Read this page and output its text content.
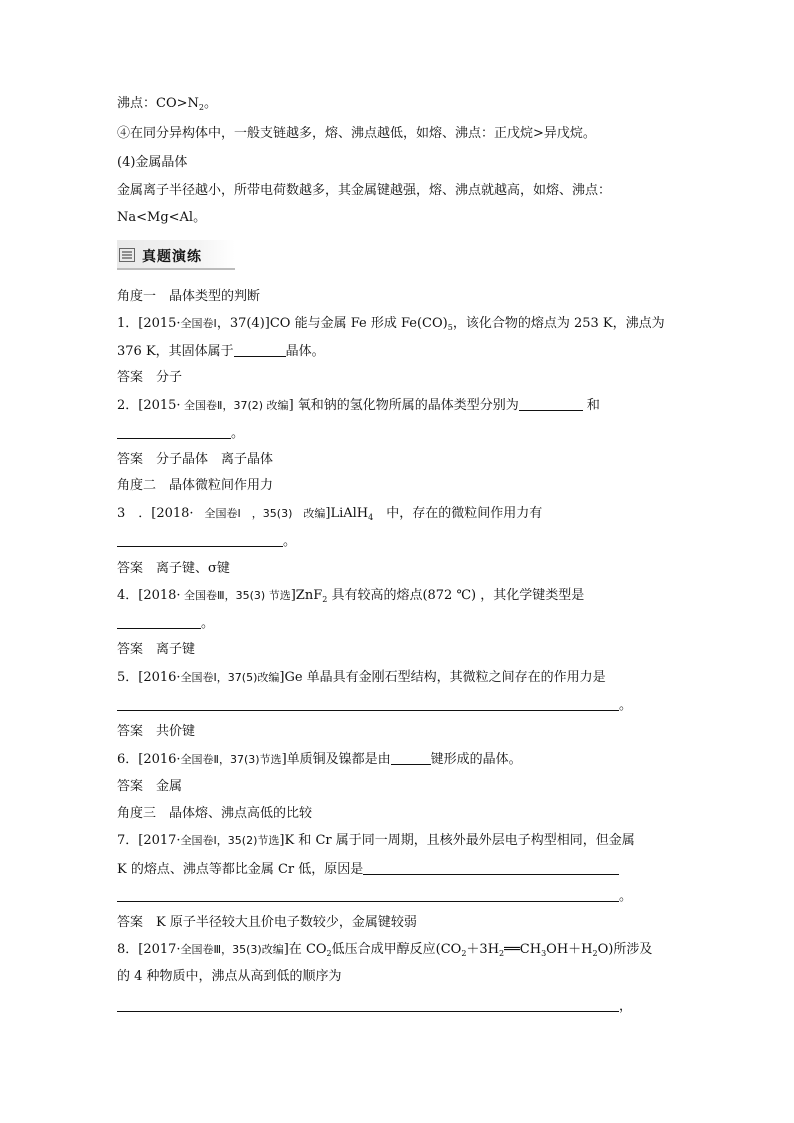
沸点：$CO>N_2$。
④在同分异构体中，一般支链越多，熔、沸点越低，如熔、沸点：正戊烷>异戊烷。
(4)金属晶体
金属离子半径越小，所带电荷数越多，其金属键越强，熔、沸点就越高，如熔、沸点：
Na<Mg<Al。
真题演练
角度一　晶体类型的判断
1．[2015·全国卷Ⅰ，37(4)]CO 能与金属 Fe 形成 $Fe(CO)_5$，该化合物的熔点为 253 K，沸点为
376 K，其固体属于	晶体。
答案　分子
2．[2015· 全国卷Ⅱ，37(2) 改编] 氧和钠的氢化物所属的晶体类型分别为	和
。
答案　分子晶体　离子晶体
角度二　晶体微粒间作用力
3　．[2018·　全国卷Ⅰ　，35(3)　改编]LiAlH$_4$　中，存在的微粒间作用力有
。
答案　离子键、σ键
4．[2018· 全国卷Ⅲ，35(3) 节选]ZnF$_2$ 具有较高的熔点(872 ℃) ，其化学键类型是
。
答案　离子键
5．[2016·全国卷Ⅰ，37(5)改编]Ge 单晶具有金刚石型结构，其微粒之间存在的作用力是
。
答案　共价键
6．[2016·全国卷Ⅱ，37(3)节选]单质铜及镍都是由	键形成的晶体。
答案　金属
角度三　晶体熔、沸点高低的比较
7．[2017·全国卷Ⅰ，35(2)节选]K 和 Cr 属于同一周期，且核外最外层电子构型相同，但金属
K 的熔点、沸点等都比金属 Cr 低，原因是
。
答案　K 原子半径较大且价电子数较少，金属键较弱
8．[2017·全国卷Ⅲ，35(3)改编]在 $CO_2$低压合成甲醇反应$(CO_2+3H_2══CH_3OH+H_2O)$所涉及
的 4 种物质中，沸点从高到低的顺序为
，
